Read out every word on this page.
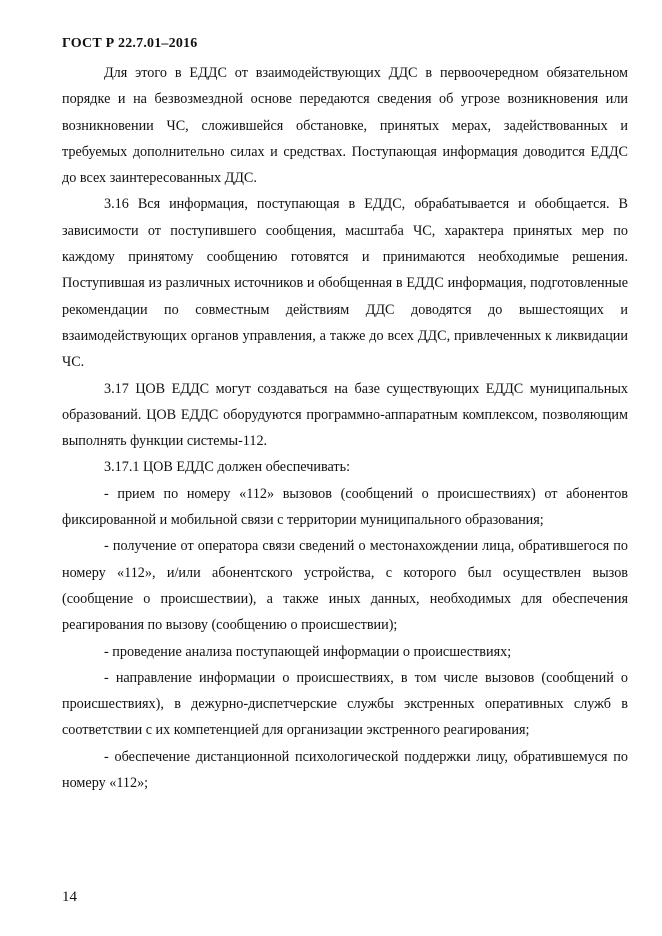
ГОСТ Р 22.7.01–2016

Для этого в ЕДДС от взаимодействующих ДДС в первоочередном обязательном порядке и на безвозмездной основе передаются сведения об угрозе возникновения или возникновении ЧС, сложившейся обстановке, принятых мерах, задействованных и требуемых дополнительно силах и средствах. Поступающая информация доводится ЕДДС до всех заинтересованных ДДС.

3.16 Вся информация, поступающая в ЕДДС, обрабатывается и обобщается. В зависимости от поступившего сообщения, масштаба ЧС, характера принятых мер по каждому принятому сообщению готовятся и принимаются необходимые решения. Поступившая из различных источников и обобщенная в ЕДДС информация, подготовленные рекомендации по совместным действиям ДДС доводятся до вышестоящих и взаимодействующих органов управления, а также до всех ДДС, привлеченных к ликвидации ЧС.

3.17 ЦОВ ЕДДС могут создаваться на базе существующих ЕДДС муниципальных образований. ЦОВ ЕДДС оборудуются программно-аппаратным комплексом, позволяющим выполнять функции системы-112.

3.17.1 ЦОВ ЕДДС должен обеспечивать:

- прием по номеру «112» вызовов (сообщений о происшествиях) от абонентов фиксированной и мобильной связи с территории муниципального образования;

- получение от оператора связи сведений о местонахождении лица, обратившегося по номеру «112», и/или абонентского устройства, с которого был осуществлен вызов (сообщение о происшествии), а также иных данных, необходимых для обеспечения реагирования по вызову (сообщению о происшествии);

- проведение анализа поступающей информации о происшествиях;

- направление информации о происшествиях, в том числе вызовов (сообщений о происшествиях), в дежурно-диспетчерские службы экстренных оперативных служб в соответствии с их компетенцией для организации экстренного реагирования;

- обеспечение дистанционной психологической поддержки лицу, обратившемуся по номеру «112»;

14
